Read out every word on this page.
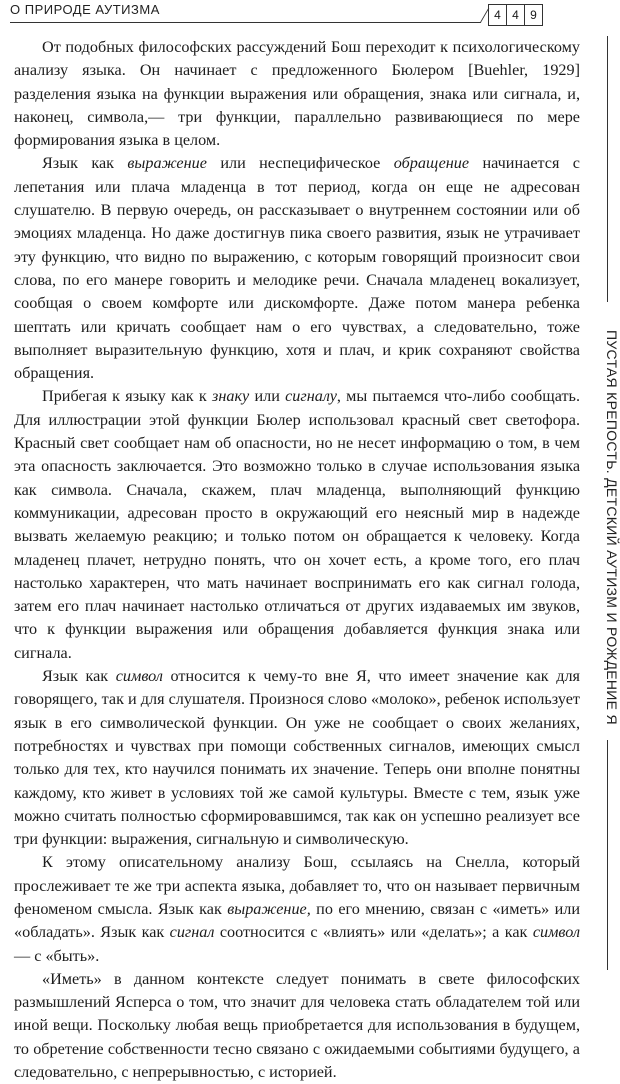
О ПРИРОДЕ АУТИЗМА	4 4 9
ПУСТАЯ КРЕПОСТЬ. ДЕТСКИЙ АУТИЗМ И РОЖДЕНИЕ Я

От подобных философских рассуждений Бош переходит к психологическому анализу языка. Он начинает с предложенного Бюлером [Buehler, 1929] разделения языка на функции выражения или обращения, знака или сигнала, и, наконец, символа,— три функции, параллельно развивающиеся по мере формирования языка в целом.

Язык как выражение или неспецифическое обращение начинается с лепетания или плача младенца в тот период, когда он еще не адресован слушателю. В первую очередь, он рассказывает о внутреннем состоянии или об эмоциях младенца. Но даже достигнув пика своего развития, язык не утрачивает эту функцию, что видно по выражению, с которым говорящий произносит свои слова, по его манере говорить и мелодике речи. Сначала младенец вокализует, сообщая о своем комфорте или дискомфорте. Даже потом манера ребенка шептать или кричать сообщает нам о его чувствах, а следовательно, тоже выполняет выразительную функцию, хотя и плач, и крик сохраняют свойства обращения.

Прибегая к языку как к знаку или сигналу, мы пытаемся что-либо сообщать. Для иллюстрации этой функции Бюлер использовал красный свет светофора. Красный свет сообщает нам об опасности, но не несет информацию о том, в чем эта опасность заключается. Это возможно только в случае использования языка как символа. Сначала, скажем, плач младенца, выполняющий функцию коммуникации, адресован просто в окружающий его неясный мир в надежде вызвать желаемую реакцию; и только потом он обращается к человеку. Когда младенец плачет, нетрудно понять, что он хочет есть, а кроме того, его плач настолько характерен, что мать начинает воспринимать его как сигнал голода, затем его плач начинает настолько отличаться от других издаваемых им звуков, что к функции выражения или обращения добавляется функция знака или сигнала.

Язык как символ относится к чему-то вне Я, что имеет значение как для говорящего, так и для слушателя. Произнося слово «молоко», ребенок использует язык в его символической функции. Он уже не сообщает о своих желаниях, потребностях и чувствах при помощи собственных сигналов, имеющих смысл только для тех, кто научился понимать их значение. Теперь они вполне понятны каждому, кто живет в условиях той же самой культуры. Вместе с тем, язык уже можно считать полностью сформировавшимся, так как он успешно реализует все три функции: выражения, сигнальную и символическую.

К этому описательному анализу Бош, ссылаясь на Снелла, который прослеживает те же три аспекта языка, добавляет то, что он называет первичным феноменом смысла. Язык как выражение, по его мнению, связан с «иметь» или «обладать». Язык как сигнал соотносится с «влиять» или «делать»; а как символ — с «быть».

«Иметь» в данном контексте следует понимать в свете философских размышлений Ясперса о том, что значит для человека стать обладателем той или иной вещи. Поскольку любая вещь приобретается для использования в будущем, то обретение собственности тесно связано с ожидаемыми событиями будущего, а следовательно, с непрерывностью, с историей.
